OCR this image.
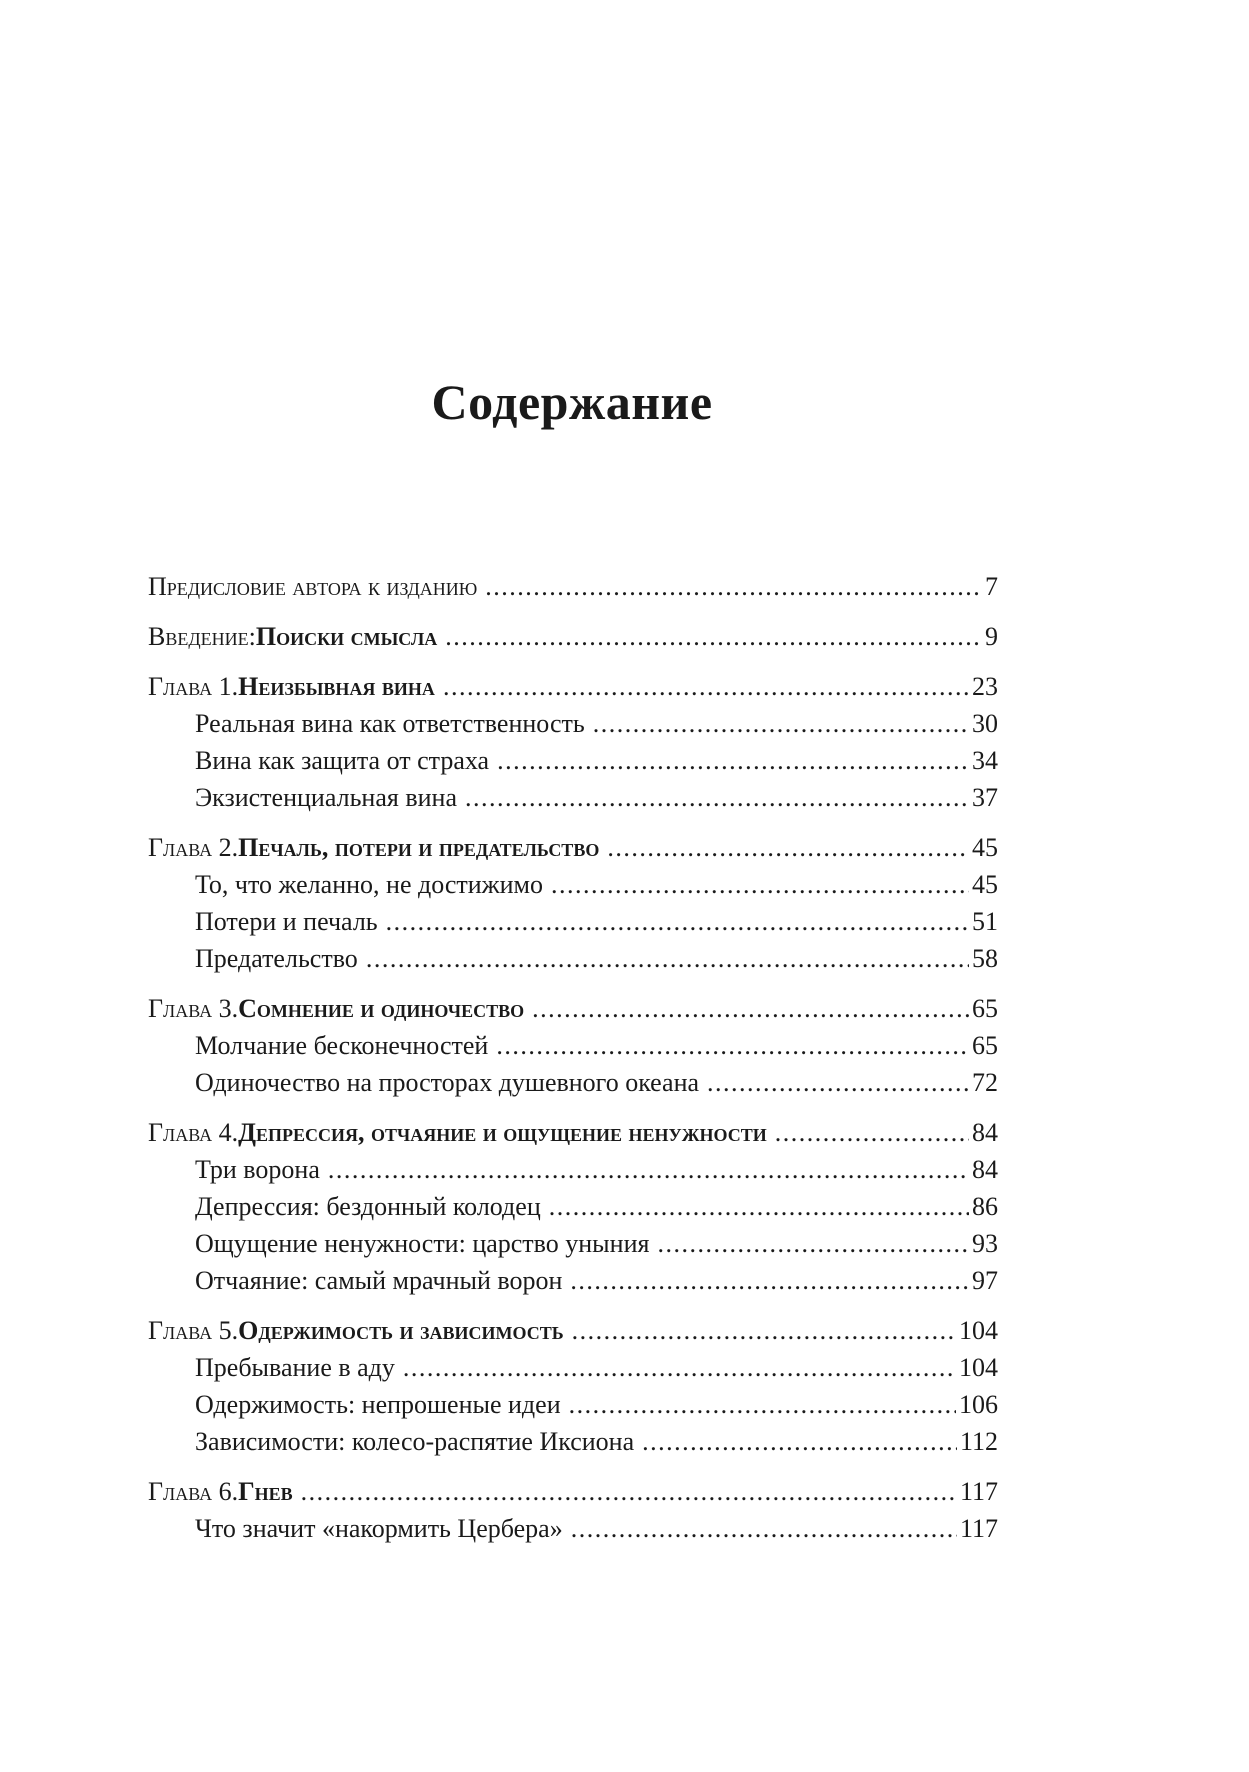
Содержание
Предисловие автора к изданию .....	7
Введение: Поиски смысла .....	9
Глава 1. Неизбывная вина .....	23
Реальная вина как ответственность .....	30
Вина как защита от страха .....	34
Экзистенциальная вина .....	37
Глава 2. Печаль, потери и предательство .....	45
То, что желанно, не достижимо .....	45
Потери и печаль .....	51
Предательство .....	58
Глава 3. Сомнение и одиночество .....	65
Молчание бесконечностей .....	65
Одиночество на просторах душевного океана .....	72
Глава 4. Депрессия, отчаяние и ощущение ненужности .....	84
Три ворона .....	84
Депрессия: бездонный колодец .....	86
Ощущение ненужности: царство уныния .....	93
Отчаяние: самый мрачный ворон .....	97
Глава 5. Одержимость и зависимость .....	104
Пребывание в аду .....	104
Одержимость: непрошеные идеи .....	106
Зависимости: колесо-распятие Иксиона .....	112
Глава 6. Гнев .....	117
Что значит «накормить Цербера» .....	117
